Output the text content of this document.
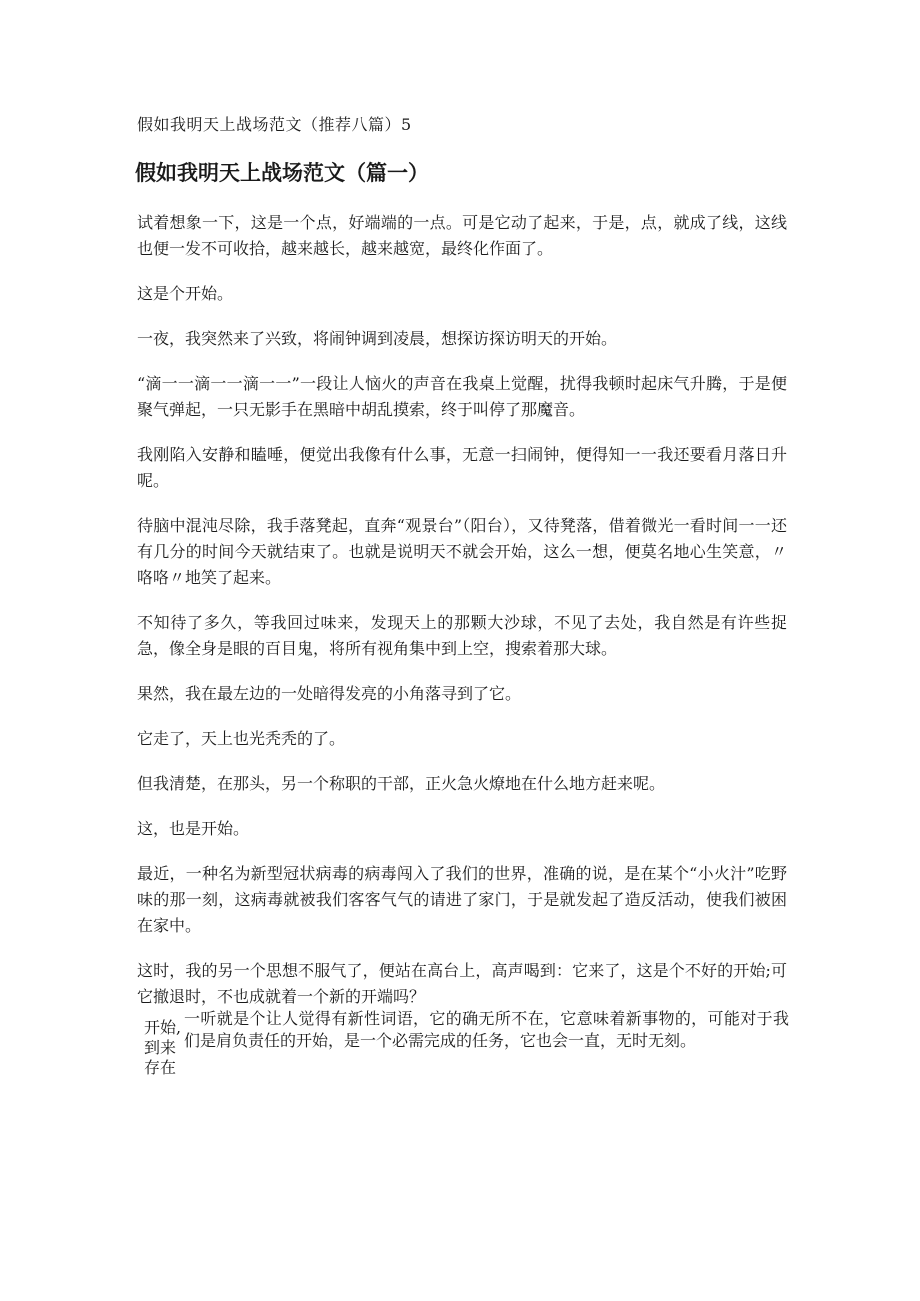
假如我明天上战场范文（推荐八篇）5
假如我明天上战场范文（篇一）

试着想象一下，这是一个点，好端端的一点。可是它动了起来，于是，点，就成了线，这线也便一发不可收拾，越来越长，越来越宽，最终化作面了。

这是个开始。

一夜，我突然来了兴致，将闹钟调到凌晨，想探访探访明天的开始。

“滴一一滴一一滴一一”一段让人恼火的声音在我桌上觉醒，扰得我顿时起床气升腾，于是便聚气弹起，一只无影手在黑暗中胡乱摸索，终于叫停了那魔音。

我刚陷入安静和瞌唾，便觉出我像有什么事，无意一扫闹钟，便得知一一我还要看月落日升呢。

待脑中混沌尽除，我手落凳起，直奔“观景台”（阳台），又待凳落，借着微光一看时间一一还有几分的时间今天就结束了。也就是说明天不就会开始，这么一想，便莫名地心生笑意，〃咯咯〃地笑了起来。

不知待了多久，等我回过味来，发现天上的那颗大沙球，不见了去处，我自然是有许些捉急，像全身是眼的百目鬼，将所有视角集中到上空，搜索着那大球。

果然，我在最左边的一处暗得发亮的小角落寻到了它。

它走了，天上也光秃秃的了。

但我清楚，在那头，另一个称职的干部，正火急火燎地在什么地方赶来呢。

这，也是开始。

最近，一种名为新型冠状病毒的病毒闯入了我们的世界，准确的说，是在某个“小火汁”吃野味的那一刻，这病毒就被我们客客气气的请进了家门，于是就发起了造反活动，使我们被困在家中。

这时，我的另一个思想不服气了，便站在高台上，高声喝到：它来了，这是个不好的开始;可它撤退时，不也成就着一个新的开端吗？

开始,
到来
存在
一听就是个让人觉得有新性词语，它的确无所不在，它意味着新事物的，可能对于我们是肩负责任的开始，是一个必需完成的任务，它也会一直，无时无刻。
